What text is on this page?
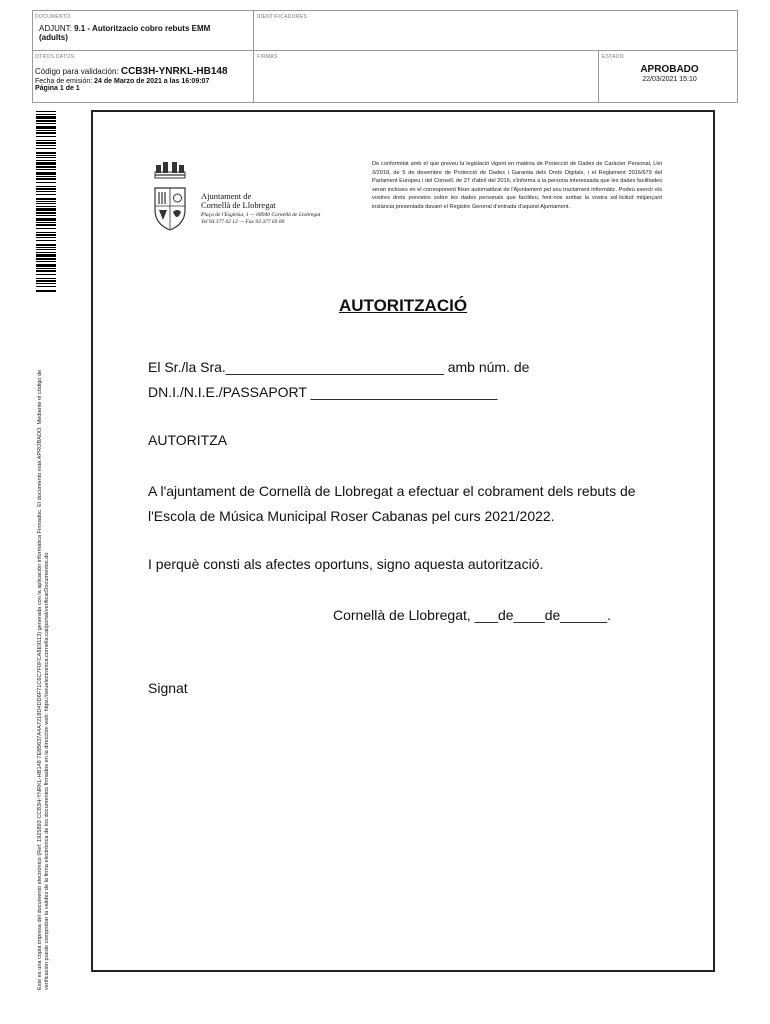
DOCUMENTO
ADJUNT: 9.1 - Autoritzacio cobro rebuts EMM (adults)
IDENTIFICADORES
OTROS DATOS
Código para validación: CCB3H-YNRKL-HB148
Fecha de emisión: 24 de Marzo de 2021 a las 16:09:07
Página 1 de 1
FIRMAS	ESTADO
APROBADO
22/03/2021 15:10
Este es una copia impresa del documento electrónico (Ref: 1925893 CCB3H-YNRKL-HB148 7E8B637A4A7218D4DD6F71C6C7F0FCA8E9113) generada con la aplicación informática Firmadoc. El documento está APROBADO. Mediante el código de verificación puede comprobar la validez de la firma electrónica de los documentos firmados en la dirección web: https://seuelectronica.cornella.cat/portal/verificarDocumentos.do
Ajuntament de
Cornellà de Llobregat
Plaça de l'Església, 1 — 08940 Cornellà de Llobregat
Tel 93 377 02 12 — Fax 93 377 69 00
De conformitat amb el que preveu la legislació vigent en matèria de Protecció de Dades de Caràcter Personal, Llei 3/2018, de 5 de desembre de Protecció de Dades i Garantia dels Drets Digitals, i el Reglament 2016/679 del Parlament Europeu i del Consell, de 27 d'abril del 2016, s'informa a la persona interessada que les dades facilitades seran incloses en el corresponent fitxer automatitzat de l'Ajuntament pel seu tractament informàtic. Podeu exercir els vostres drets previstos sobre les dades personals que faciliteu, fent-nos arribar la vostra sol·licitud mitjançant instància presentada davant el Registre General d'entrada d'aquest Ajuntament.
AUTORITZACIÓ
El Sr./la Sra.____________________________ amb núm. de
DN.I./N.I.E./PASSAPORT ________________________
AUTORITZA
A l'ajuntament de Cornellà de Llobregat a efectuar el cobrament dels rebuts de
l'Escola de Música Municipal Roser Cabanas pel curs 2021/2022.
I perquè consti als afectes oportuns, signo aquesta autorització.
Cornellà de Llobregat, ___de____de______.
Signat
